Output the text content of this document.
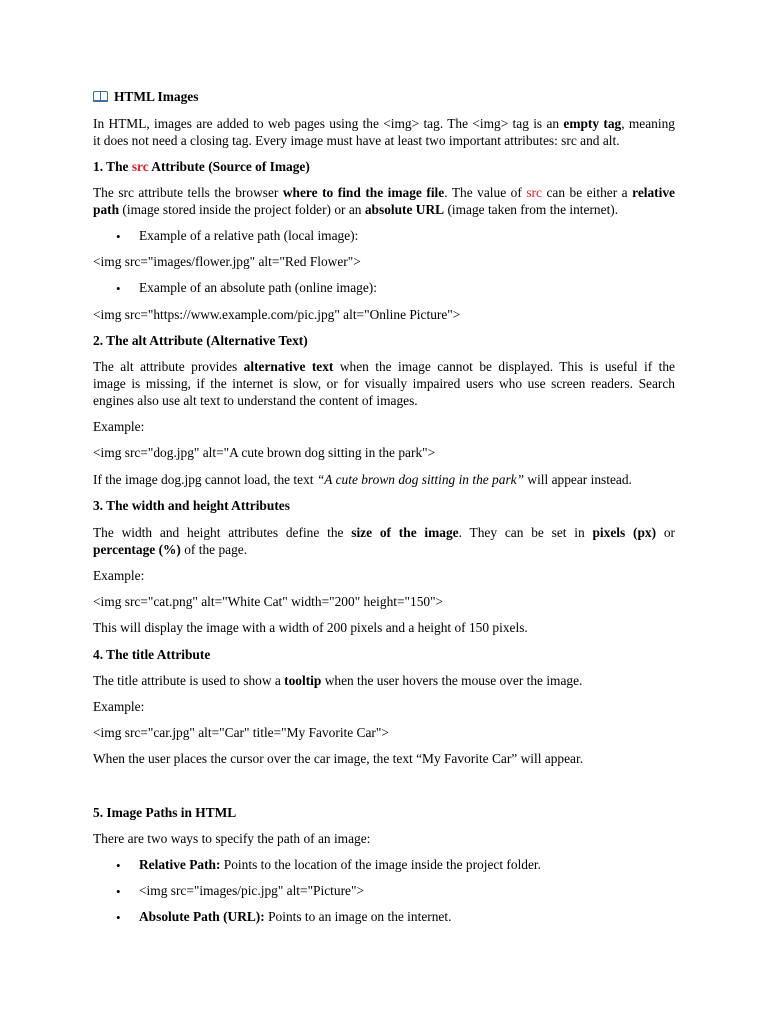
HTML Images
In HTML, images are added to web pages using the <img> tag. The <img> tag is an empty tag, meaning
it does not need a closing tag. Every image must have at least two important attributes: src and alt.
1. The src Attribute (Source of Image)
The src attribute tells the browser where to find the image file. The value of src can be either a relative
path (image stored inside the project folder) or an absolute URL (image taken from the internet).
• Example of a relative path (local image):
<img src="images/flower.jpg" alt="Red Flower">
• Example of an absolute path (online image):
<img src="https://www.example.com/pic.jpg" alt="Online Picture">
2. The alt Attribute (Alternative Text)
The alt attribute provides alternative text when the image cannot be displayed. This is useful if the
image is missing, if the internet is slow, or for visually impaired users who use screen readers. Search
engines also use alt text to understand the content of images.
Example:
<img src="dog.jpg" alt="A cute brown dog sitting in the park">
If the image dog.jpg cannot load, the text “A cute brown dog sitting in the park” will appear instead.
3. The width and height Attributes
The width and height attributes define the size of the image. They can be set in pixels (px) or
percentage (%) of the page.
Example:
<img src="cat.png" alt="White Cat" width="200" height="150">
This will display the image with a width of 200 pixels and a height of 150 pixels.
4. The title Attribute
The title attribute is used to show a tooltip when the user hovers the mouse over the image.
Example:
<img src="car.jpg" alt="Car" title="My Favorite Car">
When the user places the cursor over the car image, the text “My Favorite Car” will appear.
5. Image Paths in HTML
There are two ways to specify the path of an image:
• Relative Path: Points to the location of the image inside the project folder.
• <img src="images/pic.jpg" alt="Picture">
• Absolute Path (URL): Points to an image on the internet.
